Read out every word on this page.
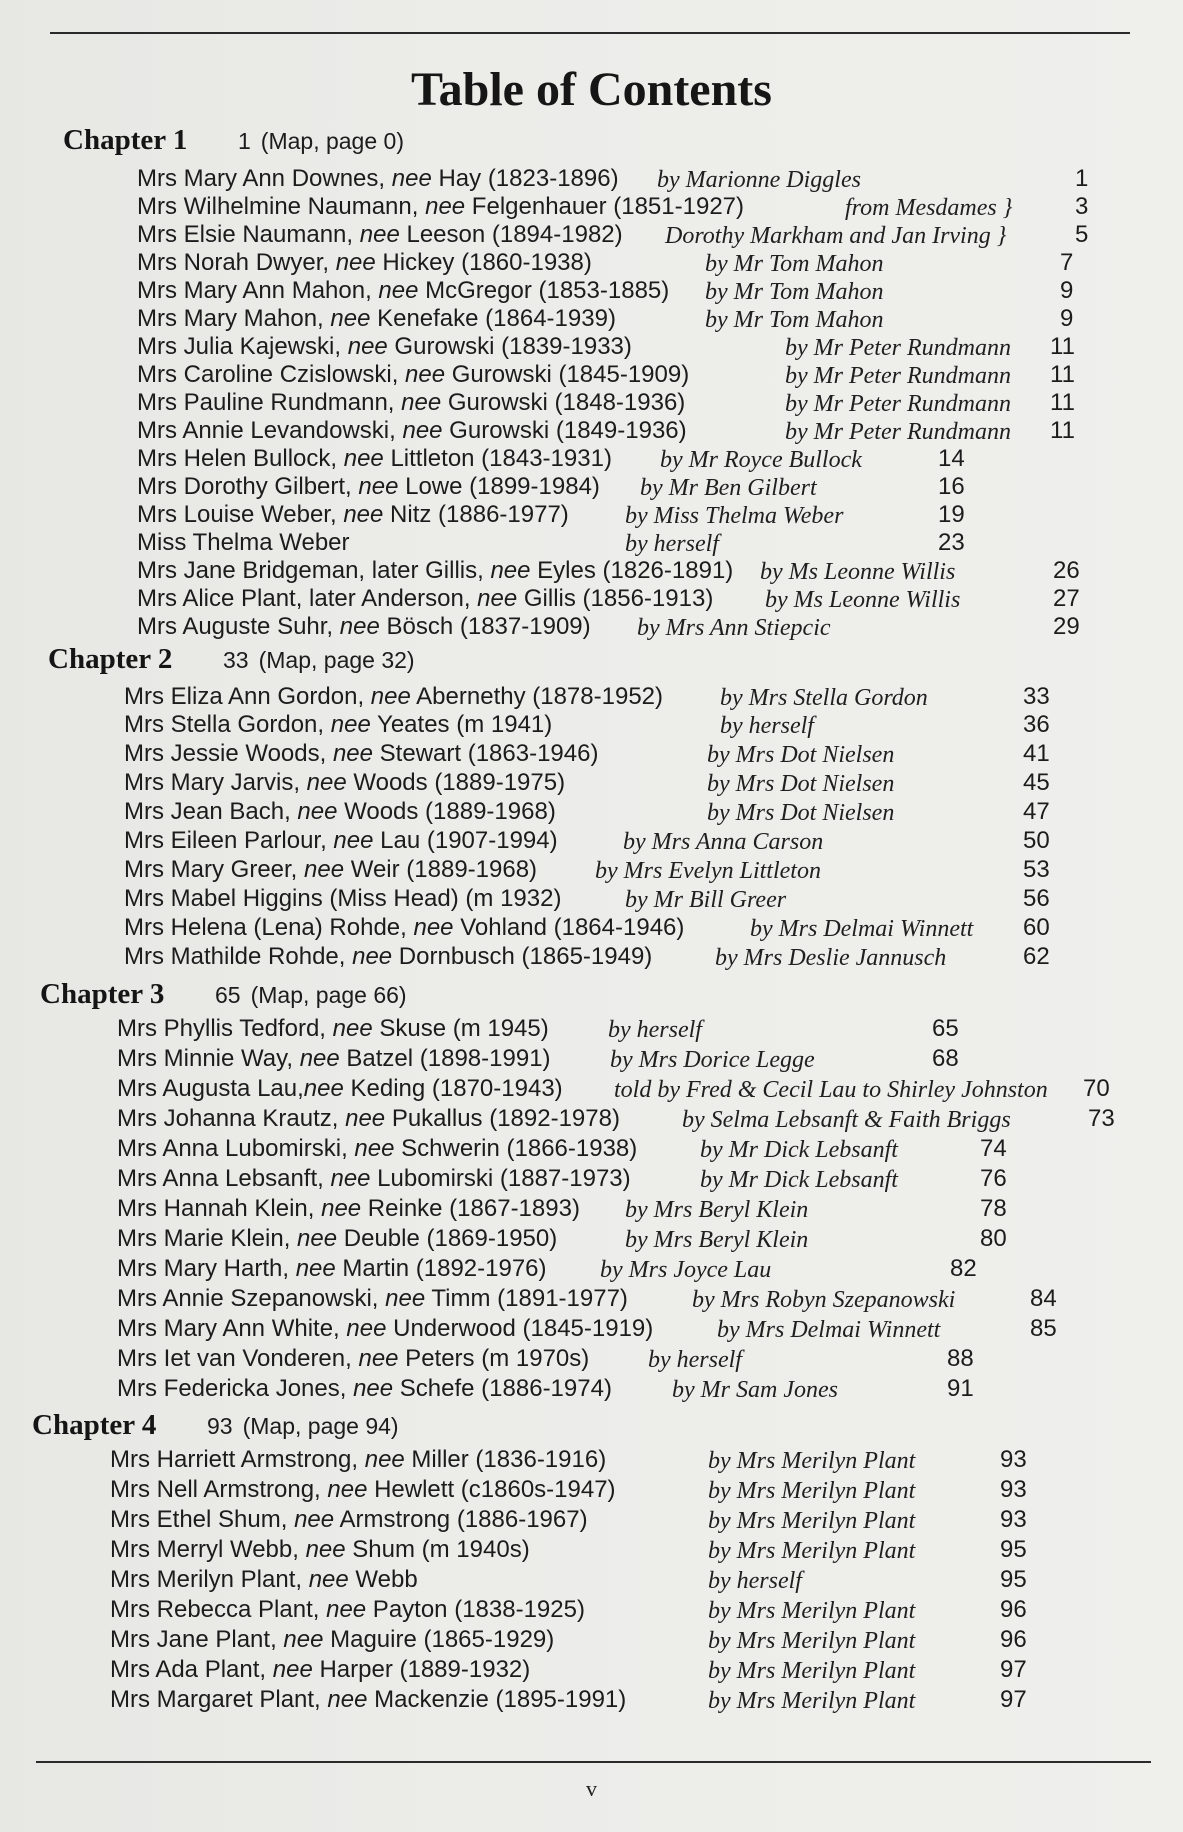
Table of Contents
Chapter 1 1 (Map, page 0)
Mrs Mary Ann Downes, nee Hay (1823-1896) by Marionne Diggles	1
Mrs Wilhelmine Naumann, nee Felgenhauer (1851-1927)	from Mesdames }	3
Mrs Elsie Naumann, nee Leeson (1894-1982) Dorothy Markham and Jan Irving }	5
Mrs Norah Dwyer, nee Hickey (1860-1938)	by Mr Tom Mahon	7
Mrs Mary Ann Mahon, nee McGregor (1853-1885) by Mr Tom Mahon	9
Mrs Mary Mahon, nee Kenefake (1864-1939)	by Mr Tom Mahon	9
Mrs Julia Kajewski, nee Gurowski (1839-1933)	by Mr Peter Rundmann 11
Mrs Caroline Czislowski, nee Gurowski (1845-1909)	by Mr Peter Rundmann 11
Mrs Pauline Rundmann, nee Gurowski (1848-1936)	by Mr Peter Rundmann 11
Mrs Annie Levandowski, nee Gurowski (1849-1936)	by Mr Peter Rundmann 11
Mrs Helen Bullock, nee Littleton (1843-1931) by Mr Royce Bullock	14
Mrs Dorothy Gilbert, nee Lowe (1899-1984) by Mr Ben Gilbert	16
Mrs Louise Weber, nee Nitz (1886-1977) by Miss Thelma Weber	19
Miss Thelma Weber	by herself	23
Mrs Jane Bridgeman, later Gillis, nee Eyles (1826-1891) by Ms Leonne Willis	26
Mrs Alice Plant, later Anderson, nee Gillis (1856-1913) by Ms Leonne Willis	27
Mrs Auguste Suhr, nee Bösch (1837-1909) by Mrs Ann Stiepcic	29
Chapter 2 33 (Map, page 32)
Mrs Eliza Ann Gordon, nee Abernethy (1878-1952) by Mrs Stella Gordon	33
Mrs Stella Gordon, nee Yeates (m 1941)	by herself	36
Mrs Jessie Woods, nee Stewart (1863-1946)	by Mrs Dot Nielsen	41
Mrs Mary Jarvis, nee Woods (1889-1975)	by Mrs Dot Nielsen	45
Mrs Jean Bach, nee Woods (1889-1968)	by Mrs Dot Nielsen	47
Mrs Eileen Parlour, nee Lau (1907-1994)	by Mrs Anna Carson	50
Mrs Mary Greer, nee Weir (1889-1968) by Mrs Evelyn Littleton	53
Mrs Mabel Higgins (Miss Head) (m 1932)	by Mr Bill Greer	56
Mrs Helena (Lena) Rohde, nee Vohland (1864-1946)	by Mrs Delmai Winnett 60
Mrs Mathilde Rohde, nee Dornbusch (1865-1949)	by Mrs Deslie Jannusch	62
Chapter 3 65 (Map, page 66)
Mrs Phyllis Tedford, nee Skuse (m 1945) by herself	65
Mrs Minnie Way, nee Batzel (1898-1991) by Mrs Dorice Legge	68
Mrs Augusta Lau,nee Keding (1870-1943) told by Fred & Cecil Lau to Shirley Johnston 70
Mrs Johanna Krautz, nee Pukallus (1892-1978)	by Selma Lebsanft & Faith Briggs	73
Mrs Anna Lubomirski, nee Schwerin (1866-1938)	by Mr Dick Lebsanft	74
Mrs Anna Lebsanft, nee Lubomirski (1887-1973)	by Mr Dick Lebsanft	76
Mrs Hannah Klein, nee Reinke (1867-1893) by Mrs Beryl Klein	78
Mrs Marie Klein, nee Deuble (1869-1950)	by Mrs Beryl Klein	80
Mrs Mary Harth, nee Martin (1892-1976) by Mrs Joyce Lau	82
Mrs Annie Szepanowski, nee Timm (1891-1977)	by Mrs Robyn Szepanowski	84
Mrs Mary Ann White, nee Underwood (1845-1919)	by Mrs Delmai Winnett	85
Mrs Iet van Vonderen, nee Peters (m 1970s) by herself	88
Mrs Federicka Jones, nee Schefe (1886-1974)	by Mr Sam Jones	91
Chapter 4 93 (Map, page 94)
Mrs Harriett Armstrong, nee Miller (1836-1916)	by Mrs Merilyn Plant	93
Mrs Nell Armstrong, nee Hewlett (c1860s-1947)	by Mrs Merilyn Plant	93
Mrs Ethel Shum, nee Armstrong (1886-1967)	by Mrs Merilyn Plant	93
Mrs Merryl Webb, nee Shum (m 1940s)	by Mrs Merilyn Plant	95
Mrs Merilyn Plant, nee Webb	by herself	95
Mrs Rebecca Plant, nee Payton (1838-1925)	by Mrs Merilyn Plant	96
Mrs Jane Plant, nee Maguire (1865-1929)	by Mrs Merilyn Plant	96
Mrs Ada Plant, nee Harper (1889-1932)	by Mrs Merilyn Plant	97
Mrs Margaret Plant, nee Mackenzie (1895-1991)	by Mrs Merilyn Plant	97
v
